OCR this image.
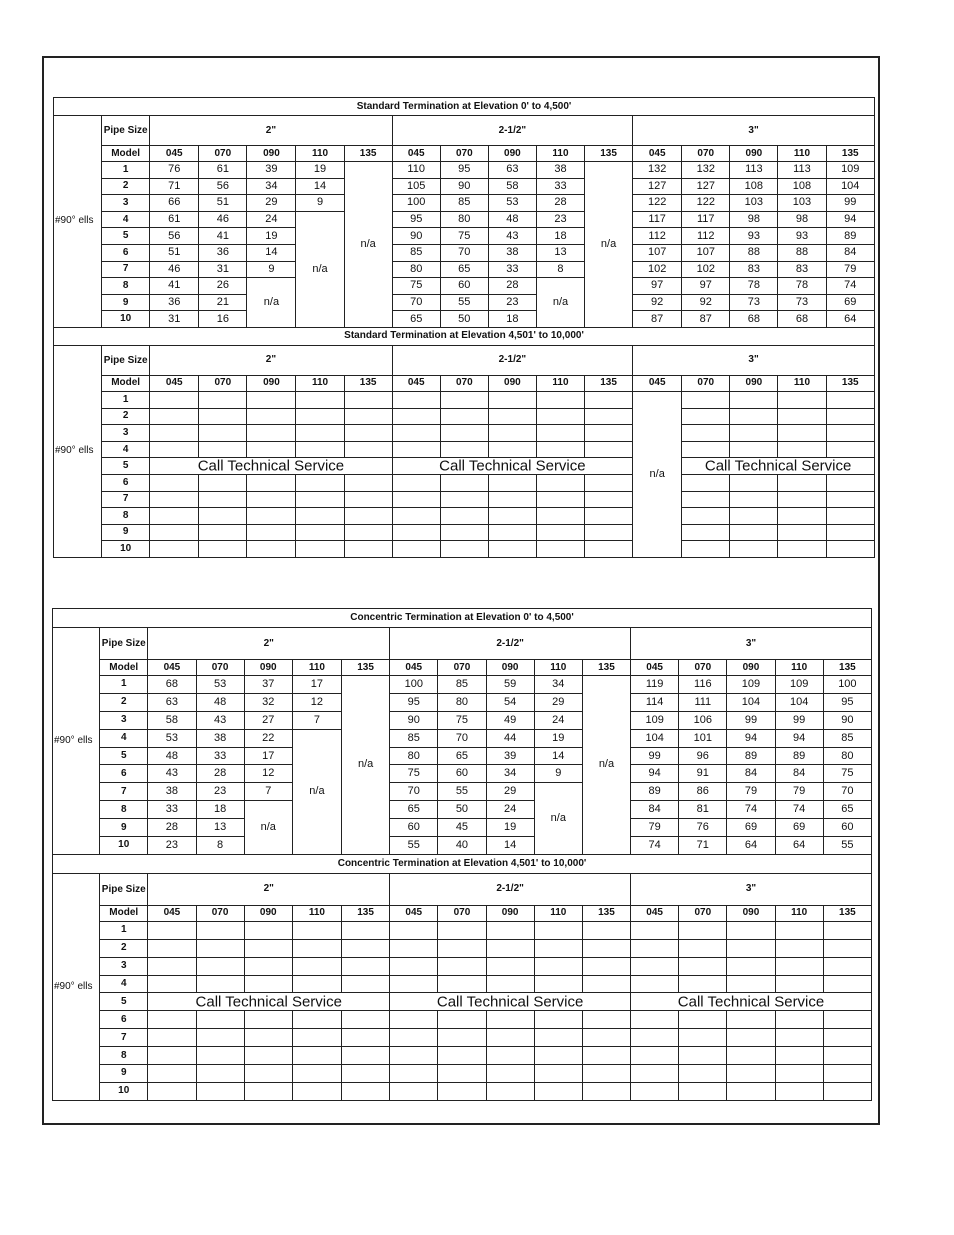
Standard Termination at Elevation 0' to 4,500'																
#90° ells	Pipe Size	2"					2-1/2"					3"				
	Model	045	070	090	110	135	045	070	090	110	135	045	070	090	110	135
	1	76	61	39	19	n/a	110	95	63	38	n/a	132	132	113	113	109
	2	71	56	34	14		105	90	58	33		127	127	108	108	104
	3	66	51	29	9		100	85	53	28		122	122	103	103	99
	4	61	46	24	n/a		95	80	48	23		117	117	98	98	94
	5	56	41	19			90	75	43	18		112	112	93	93	89
	6	51	36	14			85	70	38	13		107	107	88	88	84
	7	46	31	9			80	65	33	8		102	102	83	83	79
	8	41	26	n/a			75	60	28	n/a		97	97	78	78	74
	9	36	21				70	55	23			92	92	73	73	69
	10	31	16				65	50	18			87	87	68	68	64
Standard Termination at Elevation 4,501' to 10,000'																
#90° ells	Pipe Size	2"					2-1/2"					3"				
	Model	045	070	090	110	135	045	070	090	110	135	045	070	090	110	135
	1											n/a				
	2															
	3															
	4															
	5	Call Technical Service					Call Technical Service						Call Technical Service			

	6															
	7															
	8															
	9															
	10															
Concentric Termination at Elevation 0' to 4,500'																
#90° ells	Pipe Size	2"					2-1/2"					3"				
	Model	045	070	090	110	135	045	070	090	110	135	045	070	090	110	135
	1	68	53	37	17	n/a	100	85	59	34	n/a	119	116	109	109	100
	2	63	48	32	12		95	80	54	29		114	111	104	104	95
	3	58	43	27	7		90	75	49	24		109	106	99	99	90
	4	53	38	22	n/a		85	70	44	19		104	101	94	94	85
	5	48	33	17			80	65	39	14		99	96	89	89	80
	6	43	28	12			75	60	34	9		94	91	84	84	75
	7	38	23	7			70	55	29	n/a		89	86	79	79	70
	8	33	18	n/a			65	50	24			84	81	74	74	65
	9	28	13				60	45	19			79	76	69	69	60
	10	23	8				55	40	14			74	71	64	64	55
Concentric Termination at Elevation 4,501' to 10,000'																
#90° ells	Pipe Size	2"					2-1/2"					3"				
	Model	045	070	090	110	135	045	070	090	110	135	045	070	090	110	135
	1															
	2															
	3															
	4															
	5	Call Technical Service					Call Technical Service					Call Technical Service				

	6															
	7															
	8															
	9															
	10															
